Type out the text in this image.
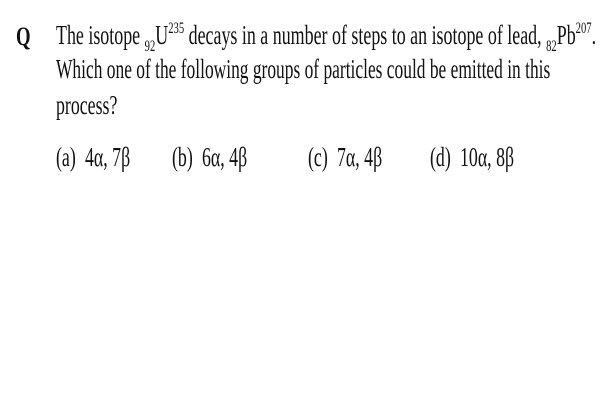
Q The isotope $_{92}U^{235}$ decays in a number of steps to an isotope of lead, $_{82}Pb^{207}$.
Which one of the following groups of particles could be emitted in this
process?
(a) 4α, 7β (b) 6α, 4β (c) 7α, 4β (d) 10α, 8β
